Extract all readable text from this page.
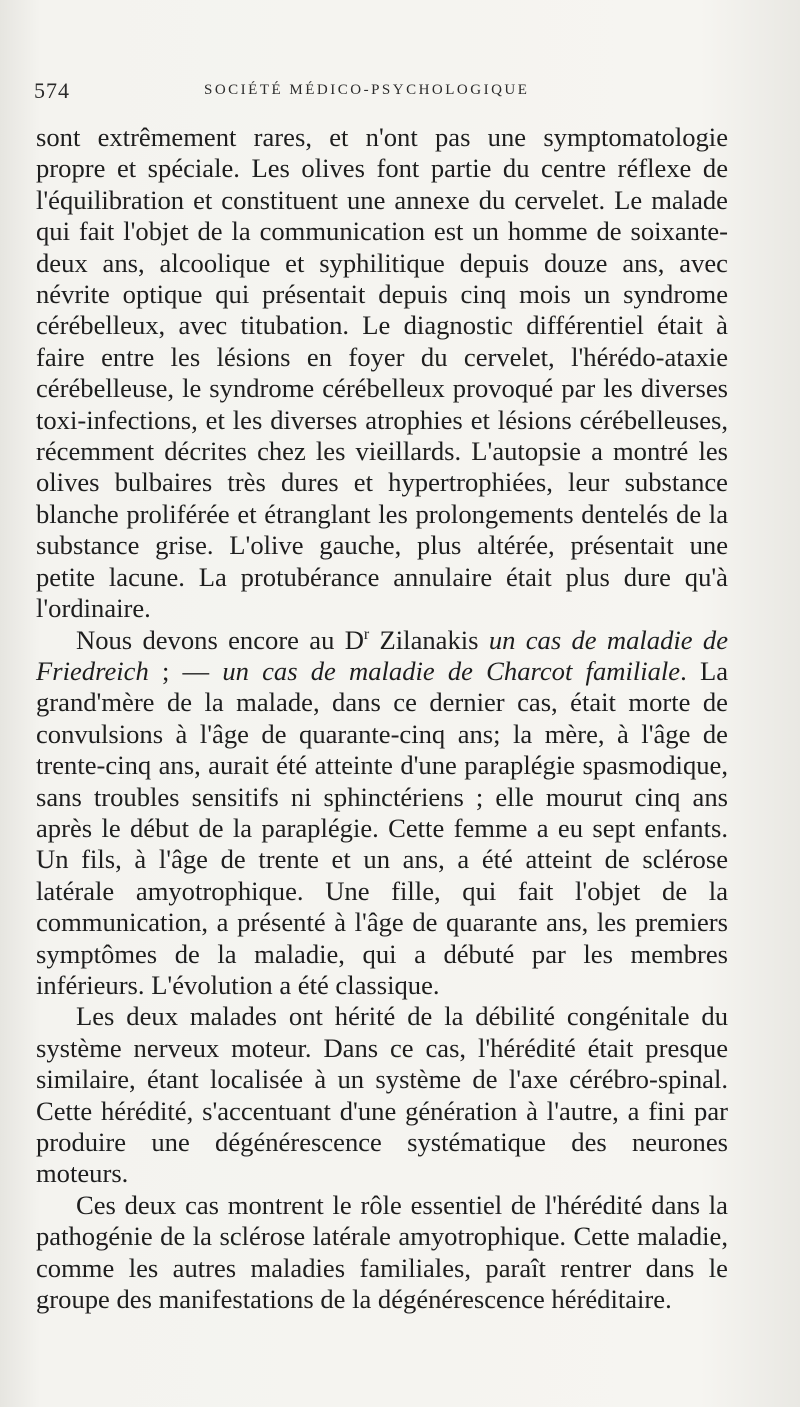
574	SOCIÉTÉ MÉDICO-PSYCHOLOGIQUE

sont extrêmement rares, et n'ont pas une symptomatologie propre et spéciale. Les olives font partie du centre réflexe de l'équilibration et constituent une annexe du cervelet. Le malade qui fait l'objet de la communication est un homme de soixante-deux ans, alcoolique et syphilitique depuis douze ans, avec névrite optique qui présentait depuis cinq mois un syndrome cérébelleux, avec titubation. Le diagnostic différentiel était à faire entre les lésions en foyer du cervelet, l'hérédo-ataxie cérébelleuse, le syndrome cérébelleux provoqué par les diverses toxi-infections, et les diverses atrophies et lésions cérébelleuses, récemment décrites chez les vieillards. L'autopsie a montré les olives bulbaires très dures et hypertrophiées, leur substance blanche proliférée et étranglant les prolongements dentelés de la substance grise. L'olive gauche, plus altérée, présentait une petite lacune. La protubérance annulaire était plus dure qu'à l'ordinaire.

Nous devons encore au $D^r$ Zilanakis un cas de maladie de Friedreich ; — un cas de maladie de Charcot familiale. La grand'mère de la malade, dans ce dernier cas, était morte de convulsions à l'âge de quarante-cinq ans; la mère, à l'âge de trente-cinq ans, aurait été atteinte d'une paraplégie spasmodique, sans troubles sensitifs ni sphinctériens ; elle mourut cinq ans après le début de la paraplégie. Cette femme a eu sept enfants. Un fils, à l'âge de trente et un ans, a été atteint de sclérose latérale amyotrophique. Une fille, qui fait l'objet de la communication, a présenté à l'âge de quarante ans, les premiers symptômes de la maladie, qui a débuté par les membres inférieurs. L'évolution a été classique.

Les deux malades ont hérité de la débilité congénitale du système nerveux moteur. Dans ce cas, l'hérédité était presque similaire, étant localisée à un système de l'axe cérébro-spinal. Cette hérédité, s'accentuant d'une génération à l'autre, a fini par produire une dégénérescence systématique des neurones moteurs.

Ces deux cas montrent le rôle essentiel de l'hérédité dans la pathogénie de la sclérose latérale amyotrophique. Cette maladie, comme les autres maladies familiales, paraît rentrer dans le groupe des manifestations de la dégénérescence héréditaire.
